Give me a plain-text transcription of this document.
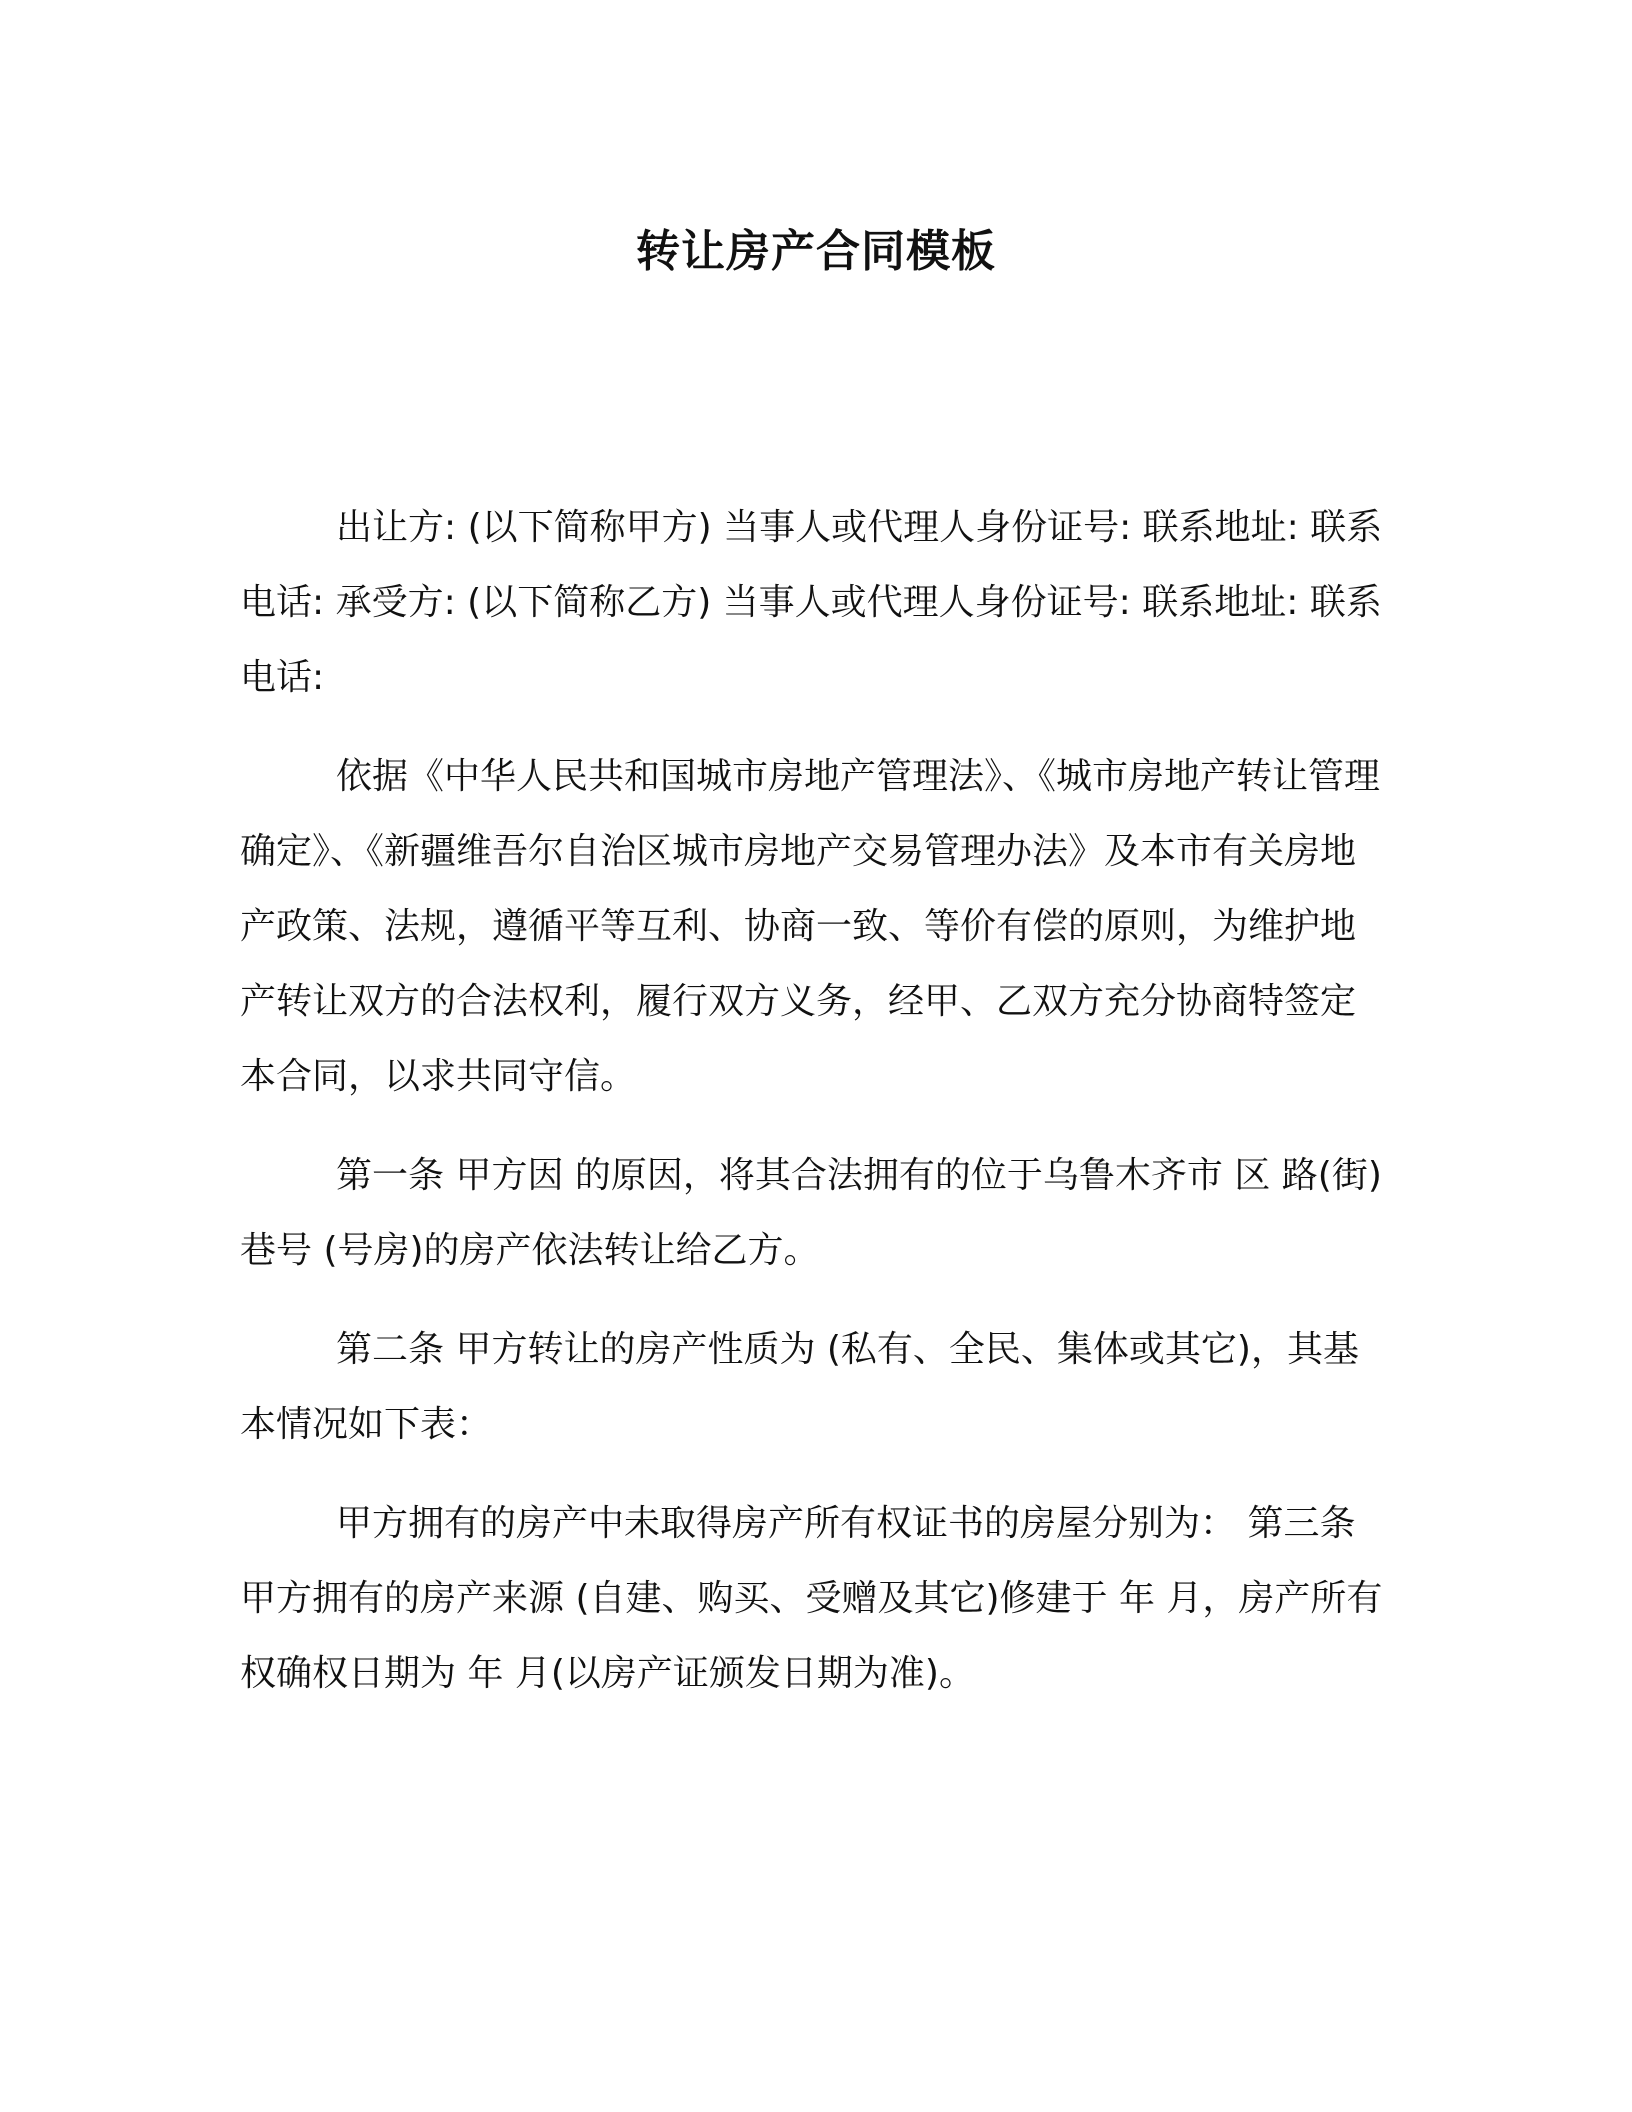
转让房产合同模板

出让方: (以下简称甲方) 当事人或代理人身份证号: 联系地址: 联系电话: 承受方: (以下简称乙方) 当事人或代理人身份证号: 联系地址: 联系电话:

依据《中华人民共和国城市房地产管理法》、《城市房地产转让管理确定》、《新疆维吾尔自治区城市房地产交易管理办法》及本市有关房地产政策、法规，遵循平等互利、协商一致、等价有偿的原则，为维护地产转让双方的合法权利，履行双方义务，经甲、乙双方充分协商特签定本合同，以求共同守信。

第一条 甲方因 的原因，将其合法拥有的位于乌鲁木齐市 区 路(街) 巷号 (号房)的房产依法转让给乙方。

第二条 甲方转让的房产性质为 (私有、全民、集体或其它)，其基本情况如下表：

甲方拥有的房产中未取得房产所有权证书的房屋分别为： 第三条 甲方拥有的房产来源 (自建、购买、受赠及其它)修建于 年 月，房产所有权确权日期为 年 月(以房产证颁发日期为准)。
